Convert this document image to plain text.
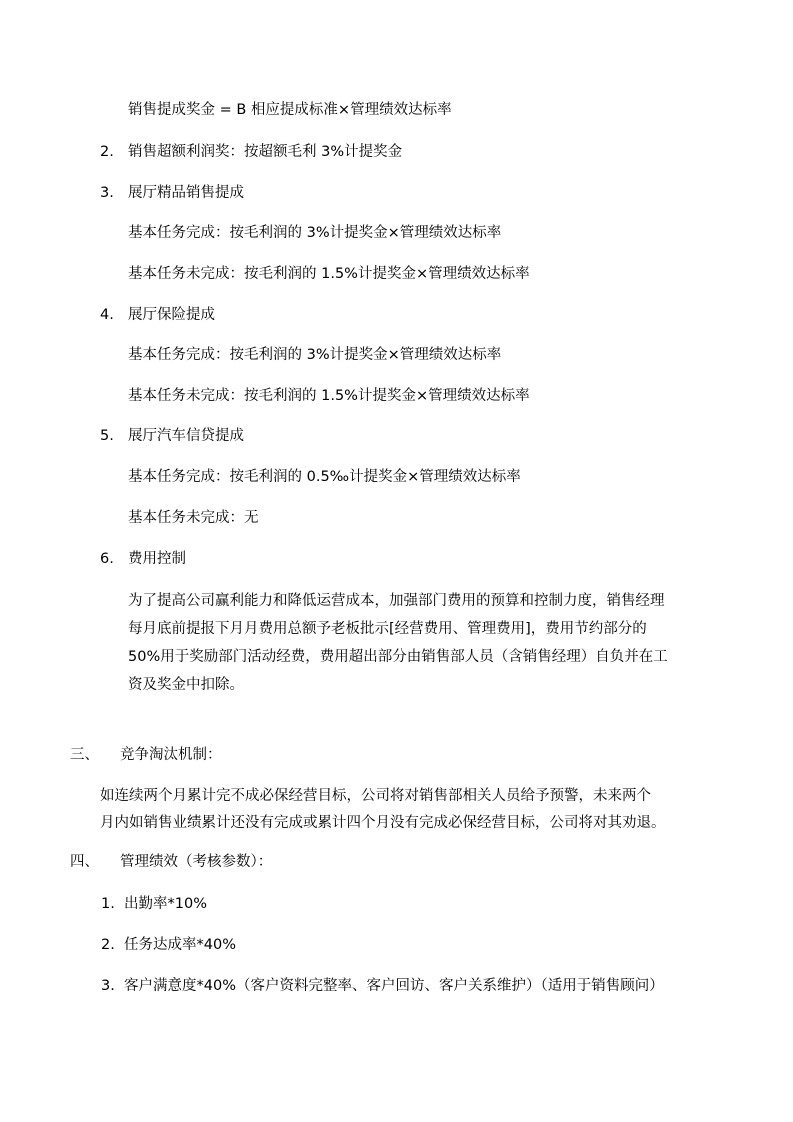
销售提成奖金 = B 相应提成标准×管理绩效达标率
2. 销售超额利润奖：按超额毛利 3%计提奖金
3. 展厅精品销售提成
基本任务完成：按毛利润的 3%计提奖金×管理绩效达标率
基本任务未完成：按毛利润的 1.5%计提奖金×管理绩效达标率
4. 展厅保险提成
基本任务完成：按毛利润的 3%计提奖金×管理绩效达标率
基本任务未完成：按毛利润的 1.5%计提奖金×管理绩效达标率
5. 展厅汽车信贷提成
基本任务完成：按毛利润的 0.5‰计提奖金×管理绩效达标率
基本任务未完成：无
6. 费用控制
为了提高公司赢利能力和降低运营成本，加强部门费用的预算和控制力度，销售经理
每月底前提报下月月费用总额予老板批示[经营费用、管理费用]，费用节约部分的
50%用于奖励部门活动经费，费用超出部分由销售部人员（含销售经理）自负并在工
资及奖金中扣除。
三、 竞争淘汰机制：
如连续两个月累计完不成必保经营目标，公司将对销售部相关人员给予预警，未来两个
月内如销售业绩累计还没有完成或累计四个月没有完成必保经营目标，公司将对其劝退。
四、 管理绩效（考核参数）：
1. 出勤率*10%
2. 任务达成率*40%
3. 客户满意度*40%（客户资料完整率、客户回访、客户关系维护）（适用于销售顾问）
